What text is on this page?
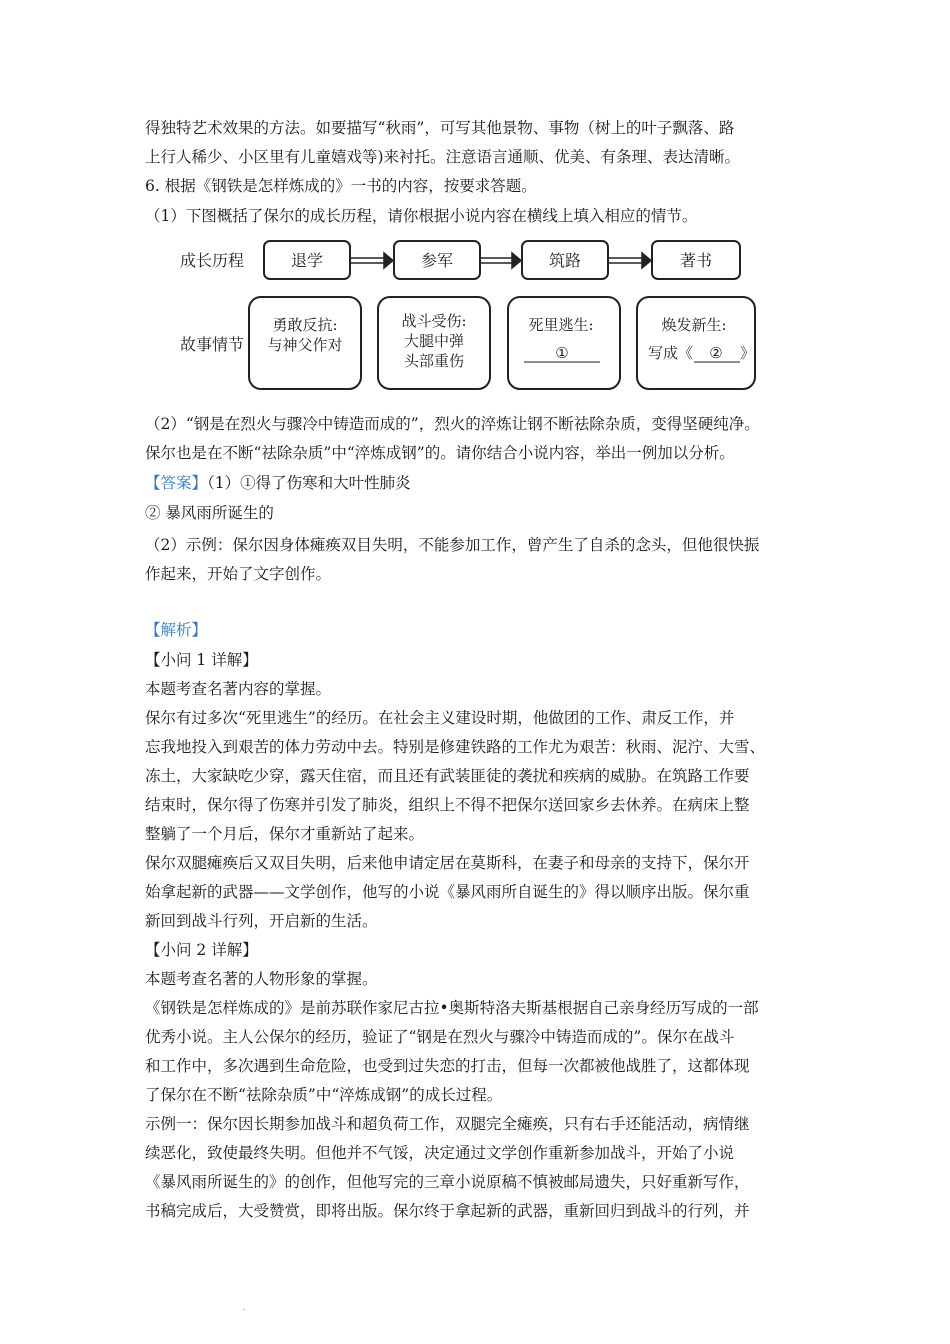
得独特艺术效果的方法。如要描写“秋雨”，可写其他景物、事物（树上的叶子飘落、路
上行人稀少、小区里有儿童嬉戏等)来衬托。注意语言通顺、优美、有条理、表达清晰。
6. 根据《钢铁是怎样炼成的》一书的内容，按要求答题。
（1）下图概括了保尔的成长历程，请你根据小说内容在横线上填入相应的情节。
成长历程
故事情节
退学	参军	筑路	著书
勇敢反抗:
与神父作对
战斗受伤:
大腿中弹
头部重伤
死里逃生:
①
焕发新生:
写成《 ② 》
（2）“钢是在烈火与骤冷中铸造而成的”，烈火的淬炼让钢不断祛除杂质，变得坚硬纯净。
保尔也是在不断“祛除杂质”中“淬炼成钢”的。请你结合小说内容，举出一例加以分析。
【答案】（1）①得了伤寒和大叶性肺炎
② 暴风雨所诞生的
（2）示例：保尔因身体瘫痪双目失明，不能参加工作，曾产生了自杀的念头，但他很快振
作起来，开始了文字创作。
【解析】
【小问 1 详解】
本题考查名著内容的掌握。
保尔有过多次“死里逃生”的经历。在社会主义建设时期，他做团的工作、肃反工作，并
忘我地投入到艰苦的体力劳动中去。特别是修建铁路的工作尤为艰苦：秋雨、泥泞、大雪、
冻土，大家缺吃少穿，露天住宿，而且还有武装匪徒的袭扰和疾病的威胁。在筑路工作要
结束时，保尔得了伤寒并引发了肺炎，组织上不得不把保尔送回家乡去休养。在病床上整
整躺了一个月后，保尔才重新站了起来。
保尔双腿瘫痪后又双目失明，后来他申请定居在莫斯科，在妻子和母亲的支持下，保尔开
始拿起新的武器——文学创作，他写的小说《暴风雨所自诞生的》得以顺序出版。保尔重
新回到战斗行列，开启新的生活。
【小问 2 详解】
本题考查名著的人物形象的掌握。
《钢铁是怎样炼成的》是前苏联作家尼古拉•奥斯特洛夫斯基根据自己亲身经历写成的一部
优秀小说。主人公保尔的经历，验证了“钢是在烈火与骤冷中铸造而成的”。保尔在战斗
和工作中，多次遇到生命危险，也受到过失恋的打击，但每一次都被他战胜了，这都体现
了保尔在不断“祛除杂质”中“淬炼成钢”的成长过程。
示例一：保尔因长期参加战斗和超负荷工作，双腿完全瘫痪，只有右手还能活动，病情继
续恶化，致使最终失明。但他并不气馁，决定通过文学创作重新参加战斗，开始了小说
《暴风雨所诞生的》的创作，但他写完的三章小说原稿不慎被邮局遗失，只好重新写作，
书稿完成后，大受赞赏，即将出版。保尔终于拿起新的武器，重新回归到战斗的行列，并
.
